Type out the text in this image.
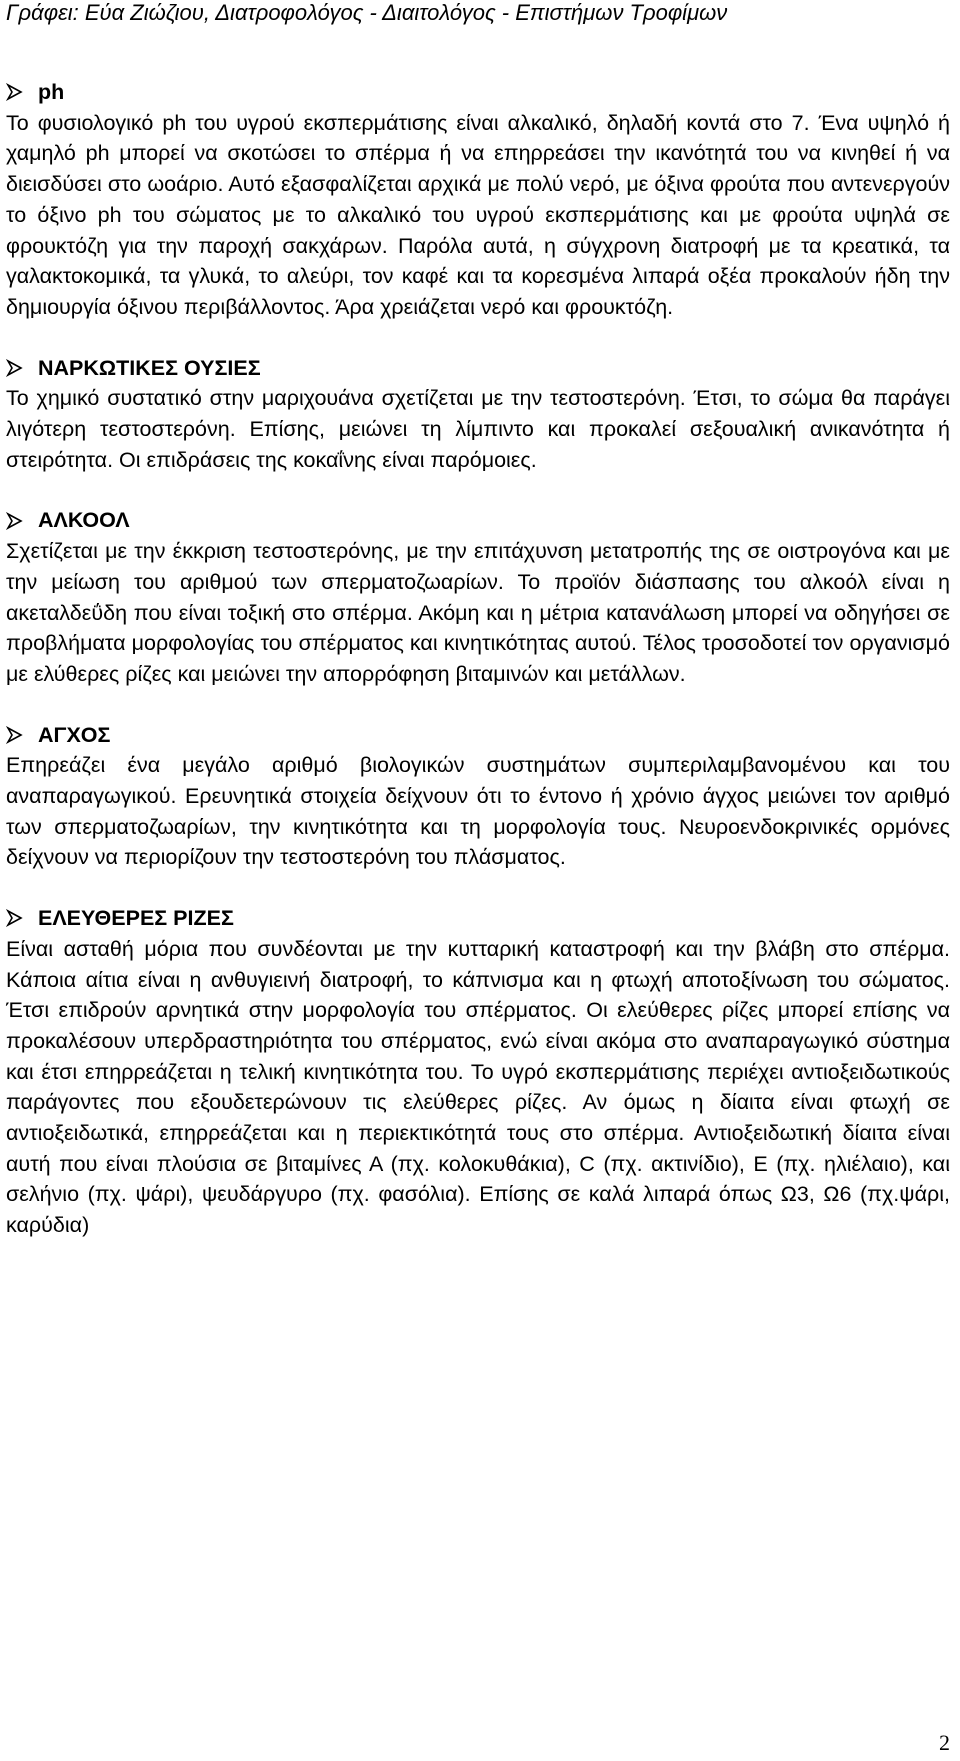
Γράφει: Εύα Ζιώζιου, Διατροφολόγος - Διαιτολόγος - Επιστήμων Τροφίμων
ph

Το φυσιολογικό ph του υγρού εκσπερμάτισης είναι αλκαλικό, δηλαδή κοντά στο 7. Ένα υψηλό ή χαμηλό ph μπορεί να σκοτώσει το σπέρμα ή να επηρρεάσει την ικανότητά του να κινηθεί ή να διεισδύσει στο ωοάριο. Αυτό εξασφαλίζεται αρχικά με πολύ νερό, με όξινα φρούτα που αντενεργούν το όξινο ph του σώματος με το αλκαλικό του υγρού εκσπερμάτισης και με φρούτα υψηλά σε φρουκτόζη για την παροχή σακχάρων. Παρόλα αυτά, η σύγχρονη διατροφή με τα κρεατικά, τα γαλακτοκομικά, τα γλυκά, το αλεύρι, τον καφέ και τα κορεσμένα λιπαρά οξέα προκαλούν ήδη την δημιουργία όξινου περιβάλλοντος. Άρα χρειάζεται νερό και φρουκτόζη.

ΝΑΡΚΩΤΙΚΕΣ ΟΥΣΙΕΣ

Το χημικό συστατικό στην μαριχουάνα σχετίζεται με την τεστοστερόνη. Έτσι, το σώμα θα παράγει λιγότερη τεστοστερόνη. Επίσης, μειώνει τη λίμπιντο και προκαλεί σεξουαλική ανικανότητα ή στειρότητα. Οι επιδράσεις της κοκαΐνης είναι παρόμοιες.

ΑΛΚΟΟΛ

Σχετίζεται με την έκκριση τεστοστερόνης, με την επιτάχυνση μετατροπής της σε οιστρογόνα και με την μείωση του αριθμού των σπερματοζωαρίων. Το προϊόν διάσπασης του αλκοόλ είναι η ακεταλδεΰδη που είναι τοξική στο σπέρμα. Ακόμη και η μέτρια κατανάλωση μπορεί να οδηγήσει σε προβλήματα μορφολογίας του σπέρματος και κινητικότητας αυτού. Τέλος τροσοδοτεί τον οργανισμό με ελύθερες ρίζες και μειώνει την απορρόφηση βιταμινών και μετάλλων.

ΑΓΧΟΣ

Επηρεάζει ένα μεγάλο αριθμό βιολογικών συστημάτων συμπεριλαμβανομένου και του αναπαραγωγικού. Ερευνητικά στοιχεία δείχνουν ότι το έντονο ή χρόνιο άγχος μειώνει τον αριθμό των σπερματοζωαρίων, την κινητικότητα και τη μορφολογία τους. Νευροενδοκρινικές ορμόνες δείχνουν να περιορίζουν την τεστοστερόνη του πλάσματος.

ΕΛΕΥΘΕΡΕΣ ΡΙΖΕΣ

Είναι ασταθή μόρια που συνδέονται με την κυτταρική καταστροφή και την βλάβη στο σπέρμα. Κάποια αίτια είναι η ανθυγιεινή διατροφή, το κάπνισμα και η φτωχή αποτοξίνωση του σώματος. Έτσι επιδρούν αρνητικά στην μορφολογία του σπέρματος. Οι ελεύθερες ρίζες μπορεί επίσης να προκαλέσουν υπερδραστηριότητα του σπέρματος, ενώ είναι ακόμα στο αναπαραγωγικό σύστημα και έτσι επηρρεάζεται η τελική κινητικότητα του. Το υγρό εκσπερμάτισης περιέχει αντιοξειδωτικούς παράγοντες που εξουδετερώνουν τις ελεύθερες ρίζες. Αν όμως η δίαιτα είναι φτωχή σε αντιοξειδωτικά, επηρρεάζεται και η περιεκτικότητά τους στο σπέρμα. Αντιοξειδωτική δίαιτα είναι αυτή που είναι πλούσια σε βιταμίνες Α (πχ. κολοκυθάκια), C (πχ. ακτινίδιο), E (πχ. ηλιέλαιο), και σελήνιο (πχ. ψάρι), ψευδάργυρο (πχ. φασόλια). Επίσης σε καλά λιπαρά όπως Ω3, Ω6 (πχ.ψάρι, καρύδια)

2
